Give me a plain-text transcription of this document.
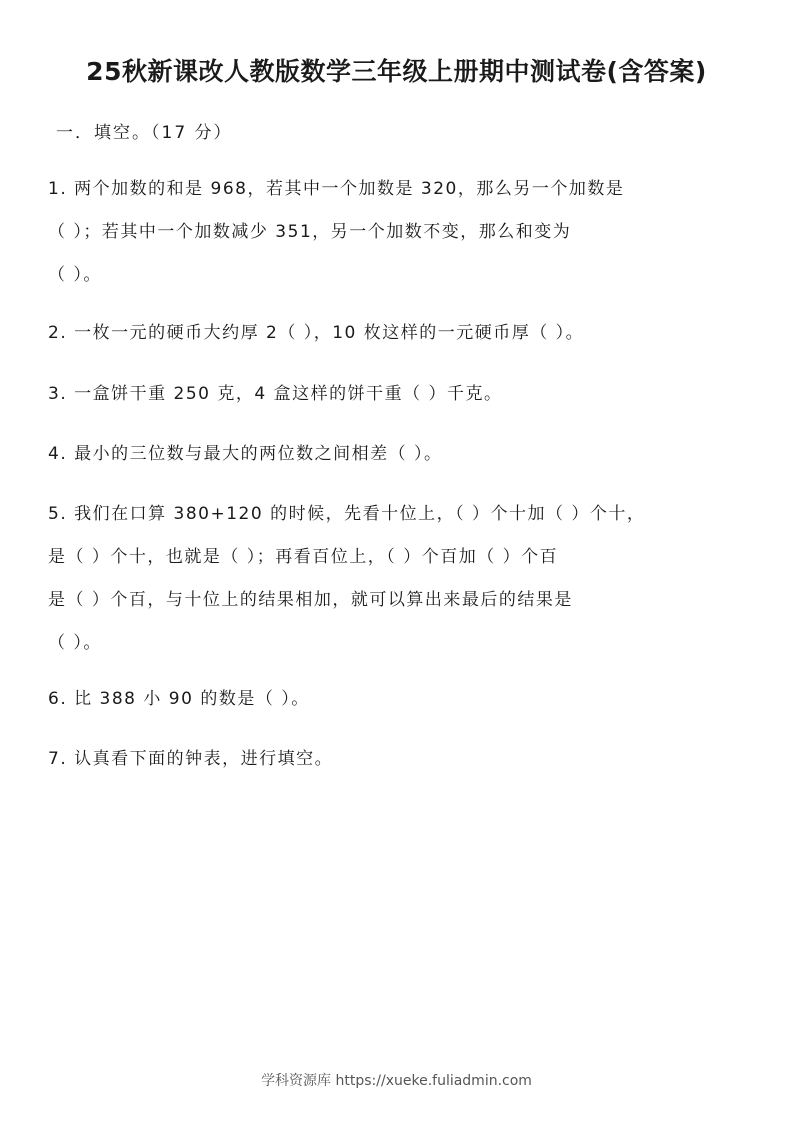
25秋新课改人教版数学三年级上册期中测试卷(含答案)
一．填空。（17 分）
1. 两个加数的和是 968，若其中一个加数是 320，那么另一个加数是
（ ）；若其中一个加数减少 351，另一个加数不变，那么和变为
（ ）。
2. 一枚一元的硬币大约厚 2（ ），10 枚这样的一元硬币厚（ ）。
3. 一盒饼干重 250 克，4 盒这样的饼干重（ ）千克。
4. 最小的三位数与最大的两位数之间相差（ ）。
5. 我们在口算 380+120 的时候，先看十位上，（ ）个十加（ ）个十，
是（ ）个十，也就是（ ）；再看百位上，（ ）个百加（ ）个百
是（ ）个百，与十位上的结果相加，就可以算出来最后的结果是
（ ）。
6. 比 388 小 90 的数是（ ）。
7. 认真看下面的钟表，进行填空。
学科资源库 https://xueke.fuliadmin.com
